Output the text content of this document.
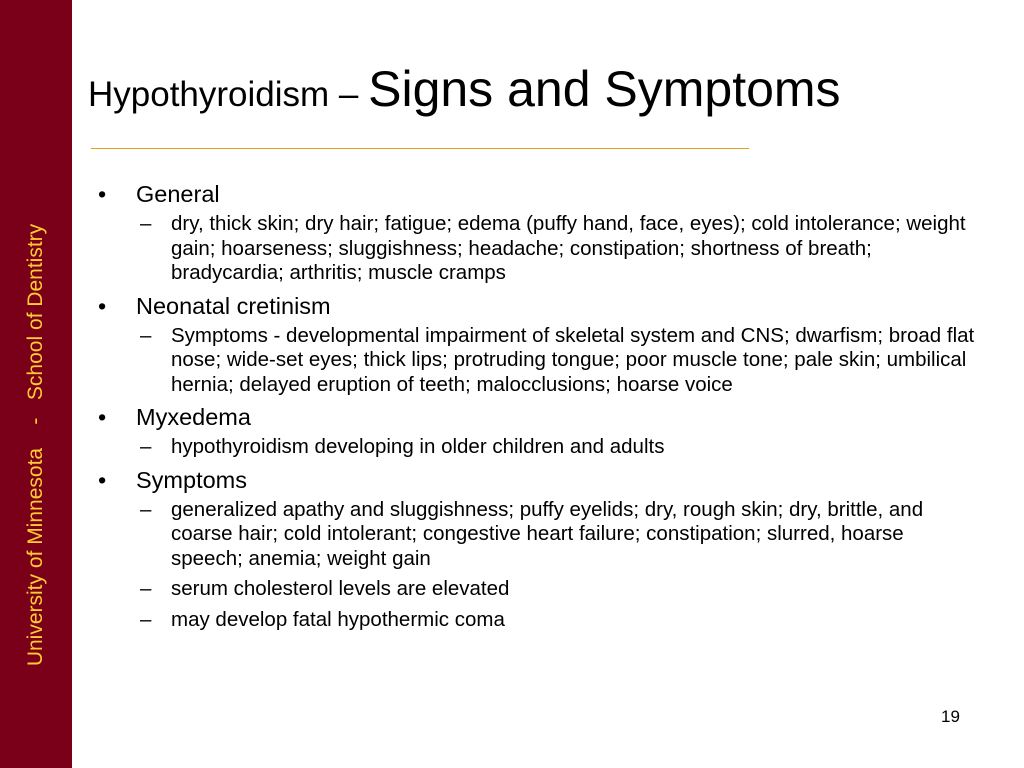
University of Minnesota    -   School of Dentistry
Hypothyroidism – Signs and Symptoms
• General
– dry, thick skin; dry hair; fatigue; edema (puffy hand, face, eyes); cold intolerance; weight gain; hoarseness; sluggishness; headache; constipation; shortness of breath; bradycardia; arthritis; muscle cramps
• Neonatal cretinism
– Symptoms - developmental impairment of skeletal system and CNS; dwarfism; broad flat nose; wide-set eyes; thick lips; protruding tongue; poor muscle tone; pale skin; umbilical hernia; delayed eruption of teeth; malocclusions; hoarse voice
• Myxedema
– hypothyroidism developing in older children and adults
• Symptoms
– generalized apathy and sluggishness; puffy eyelids; dry, rough skin; dry, brittle, and coarse hair; cold intolerant; congestive heart failure; constipation; slurred, hoarse speech; anemia; weight gain
– serum cholesterol levels are elevated
– may develop fatal hypothermic coma
19
